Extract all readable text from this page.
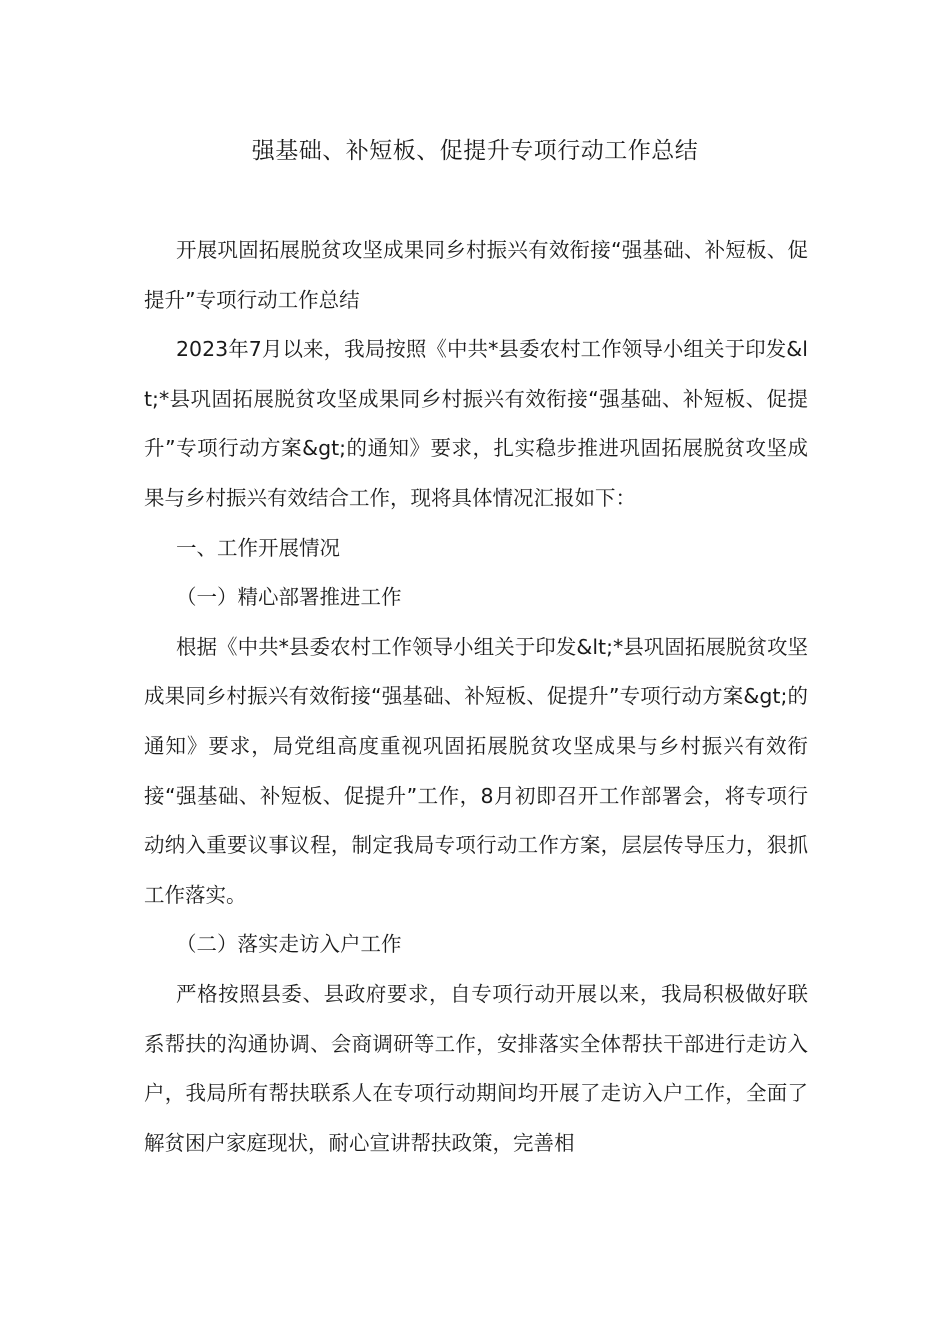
强基础、补短板、促提升专项行动工作总结

开展巩固拓展脱贫攻坚成果同乡村振兴有效衔接“强基础、补短板、促提升”专项行动工作总结

2023年7月以来，我局按照《中共*县委农村工作领导小组关于印发&lt;*县巩固拓展脱贫攻坚成果同乡村振兴有效衔接“强基础、补短板、促提升”专项行动方案&gt;的通知》要求，扎实稳步推进巩固拓展脱贫攻坚成果与乡村振兴有效结合工作，现将具体情况汇报如下：

一、工作开展情况

（一）精心部署推进工作

根据《中共*县委农村工作领导小组关于印发&lt;*县巩固拓展脱贫攻坚成果同乡村振兴有效衔接“强基础、补短板、促提升”专项行动方案&gt;的通知》要求，局党组高度重视巩固拓展脱贫攻坚成果与乡村振兴有效衔接“强基础、补短板、促提升”工作，8月初即召开工作部署会，将专项行动纳入重要议事议程，制定我局专项行动工作方案，层层传导压力，狠抓工作落实。

（二）落实走访入户工作

严格按照县委、县政府要求，自专项行动开展以来，我局积极做好联系帮扶的沟通协调、会商调研等工作，安排落实全体帮扶干部进行走访入户，我局所有帮扶联系人在专项行动期间均开展了走访入户工作，全面了解贫困户家庭现状，耐心宣讲帮扶政策，完善相
